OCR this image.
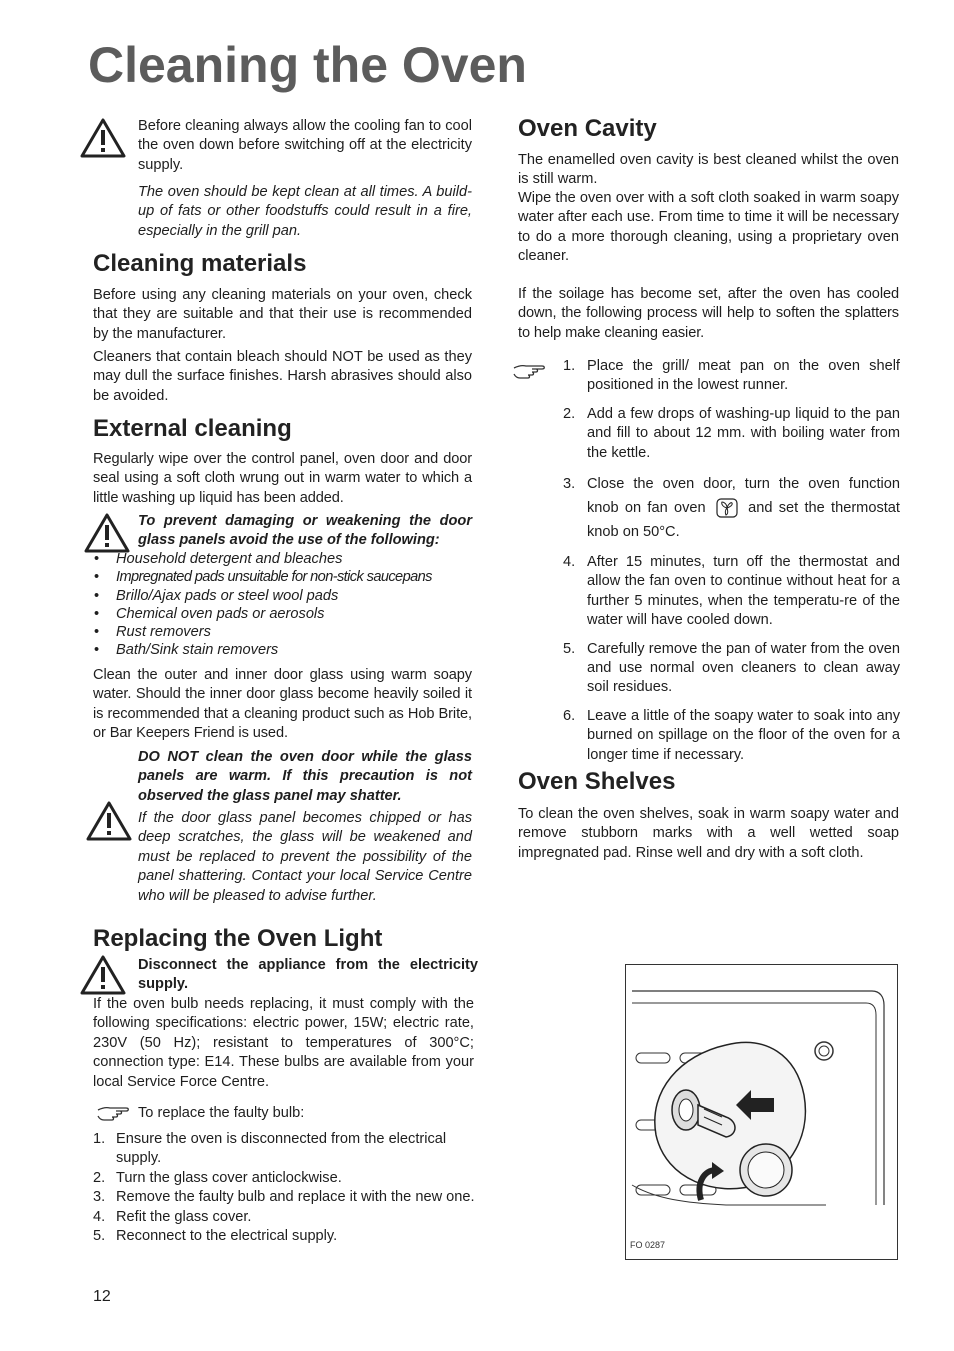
Cleaning the Oven

Before cleaning always allow the cooling fan to cool the oven down before switching off at the electricity supply.

The oven should be kept clean at all times. A build-up of fats or other foodstuffs could result in a fire, especially in the grill pan.

Cleaning materials

Before using any cleaning materials on your oven, check that they are suitable and that their use is recommended by the manufacturer.

Cleaners that contain bleach should NOT be used as they may dull the surface finishes. Harsh abrasives should also be avoided.

External cleaning

Regularly wipe over the control panel, oven door and door seal using a soft cloth wrung out in warm water to which a little washing up liquid has been added.

To prevent damaging or weakening the door glass panels avoid the use of the following:

• Household detergent and bleaches
• Impregnated pads unsuitable for non-stick saucepans
• Brillo/Ajax pads or steel wool pads
• Chemical oven pads or aerosols
• Rust removers
• Bath/Sink stain removers

Clean the outer and inner door glass using warm soapy water. Should the inner door glass become heavily soiled it is recommended that a cleaning product such as Hob Brite, or Bar Keepers Friend is used.

DO NOT clean the oven door while the glass panels are warm. If this precaution is not observed the glass panel may shatter.

If the door glass panel becomes chipped or has deep scratches, the glass will be weakened and must be replaced to prevent the possibility of the panel shattering. Contact your local Service Centre who will be pleased to advise further.

Replacing the Oven Light

Disconnect the appliance from the electricity supply.

If the oven bulb needs replacing, it must comply with the following specifications: electric power, 15W; electric rate, 230V (50 Hz); resistant to temperatures of 300°C; connection type: E14. These bulbs are available from your local Service Force Centre.

To replace the faulty bulb:

1. Ensure the oven is disconnected from the electrical supply.
2. Turn the glass cover anticlockwise.
3. Remove the faulty bulb and replace it with the new one.
4. Refit the glass cover.
5. Reconnect to the electrical supply.
12
Oven Cavity

The enamelled oven cavity is best cleaned whilst the oven is still warm.

Wipe the oven over with a soft cloth soaked in warm soapy water after each use. From time to time it will be necessary to do a more thorough cleaning, using a proprietary oven cleaner.

If the soilage has become set, after the oven has cooled down, the following process will help to soften the splatters to help make cleaning easier.

1. Place the grill/ meat pan on the oven shelf positioned in the lowest runner.
2. Add a few drops of washing-up liquid to the pan and fill to about 12 mm. with boiling water from the kettle.
3. Close the oven door, turn the oven function knob on fan oven	and set the thermostat knob on 50°C.
4. After 15 minutes, turn off the thermostat and allow the fan oven to continue without heat for a further 5 minutes, when the temperatu-re of the water will have cooled down.
5. Carefully remove the pan of water from the oven and use normal oven cleaners to clean away soil residues.
6. Leave a little of the soapy water to soak into any burned on spillage on the floor of the oven for a longer time if necessary.
Oven Shelves

To clean the oven shelves, soak in warm soapy water and remove stubborn marks with a well wetted soap impregnated pad. Rinse well and dry with a soft cloth.

FO 0287
